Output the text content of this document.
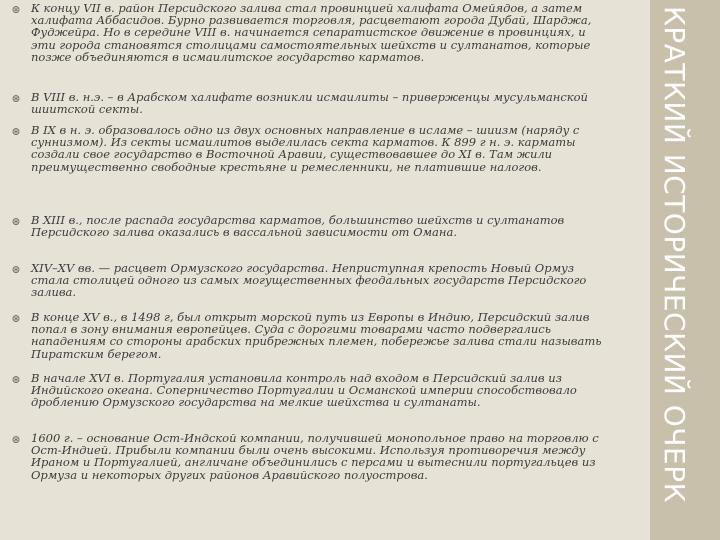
⊛ К концу VII в. район Персидского залива стал провинцией халифата Омейядов, а затем халифата Аббасидов. Бурно развивается торговля, расцветают города Дубай, Шарджа, Фуджейра. Но в середине VIII в. начинается сепаратистское движение в провинциях, и эти города становятся столицами самостоятельных шейхств и султанатов, которые позже объединяются в исмаилитское государство карматов.
⊛ В VIII в. н.э. – в Арабском халифате возникли исмаилиты – приверженцы мусульманской шиитской секты.
⊛ В IX в н. э. образовалось одно из двух основных направление в исламе – шиизм (наряду с суннизмом). Из секты исмаилитов выделилась секта карматов. К 899 г н. э. карматы создали свое государство в Восточной Аравии, существовавшее до XI в. Там жили преимущественно свободные крестьяне и ремесленники, не платившие налогов.
⊛ В XIII в., после распада государства карматов, большинство шейхств и султанатов Персидского залива оказались в вассальной зависимости от Омана.
⊛ XIV–XV вв. — расцвет Ормузского государства. Неприступная крепость Новый Ормуз стала столицей одного из самых могущественных феодальных государств Персидского залива.
⊛ В конце XV в., в 1498 г, был открыт морской путь из Европы в Индию, Персидский залив попал в зону внимания европейцев. Суда с дорогими товарами часто подвергались нападениям со стороны арабских прибрежных племен, побережье залива стали называть Пиратским берегом.
⊛ В начале XVI в. Португалия установила контроль над входом в Персидский залив из Индийского океана. Соперничество Португалии и Османской империи способствовало дроблению Ормузского государства на мелкие шейхства и султанаты.
⊛ 1600 г. – основание Ост-Индской компании, получившей монопольное право на торговлю с Ост-Индией. Прибыли компании были очень высокими. Используя противоречия между Ираном и Португалией, англичане объединились с персами и вытеснили португальцев из Ормуза и некоторых других районов Аравийского полуострова.	КРАТКИЙ ИСТОРИЧЕСКИЙ ОЧЕРК
